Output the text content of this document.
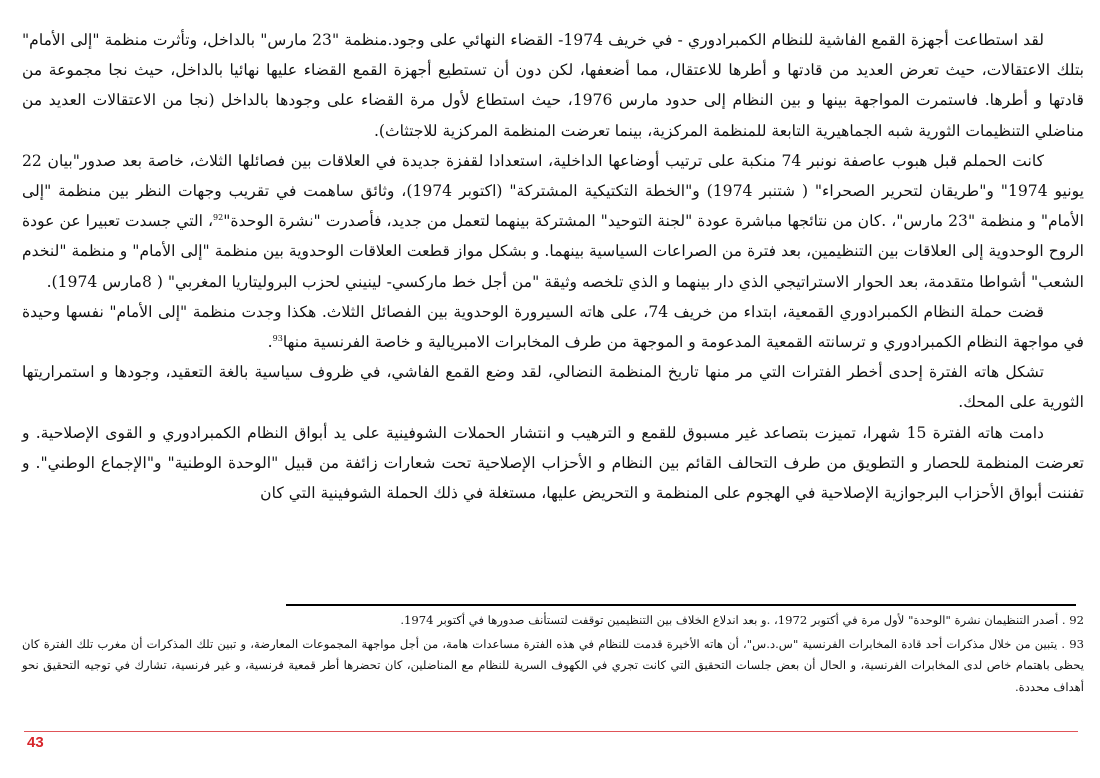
لقد استطاعت أجهزة القمع الفاشية للنظام الكمبرادوري - في خريف 1974- القضاء النهائي على وجود.منظمة "23 مارس" بالداخل، وتأثرت منظمة "إلى الأمام" بتلك الاعتقالات، حيث تعرض العديد من قادتها و أطرها للاعتقال، مما أضعفها، لكن دون أن تستطيع أجهزة القمع القضاء عليها نهائيا بالداخل، حيث نجا مجموعة من قادتها و أطرها. فاستمرت المواجهة بينها و بين النظام إلى حدود مارس 1976، حيث استطاع لأول مرة القضاء على وجودها بالداخل (نجا من الاعتقالات العديد من مناضلي التنظيمات الثورية شبه الجماهيرية التابعة للمنظمة المركزية، بينما تعرضت المنظمة المركزية للاجتثاث).

كانت الحملم قبل هبوب عاصفة نونبر 74 منكبة على ترتيب أوضاعها الداخلية، استعدادا لقفزة جديدة في العلاقات بين فصائلها الثلاث، خاصة بعد صدور"بيان 22 يونيو 1974" و"طريقان لتحرير الصحراء" ( شتنبر 1974) و"الخطة التكتيكية المشتركة" (اكتوبر 1974)، وثائق ساهمت في تقريب وجهات النظر بين منظمة "إلى الأمام" و منظمة "23 مارس"، .كان من نتائجها مباشرة عودة "لجنة التوحيد" المشتركة بينهما لتعمل من جديد، فأصدرت "نشرة الوحدة"$^{92}$، التي جسدت تعبيرا عن عودة الروح الوحدوية إلى العلاقات بين التنظيمين، بعد فترة من الصراعات السياسية بينهما. و بشكل مواز قطعت العلاقات الوحدوية بين منظمة "إلى الأمام" و منظمة "لنخدم الشعب" أشواطا متقدمة، بعد الحوار الاستراتيجي الذي دار بينهما و الذي تلخصه وثيقة "من أجل خط ماركسي- لينيني لحزب البروليتاريا المغربي" ( 8مارس 1974).

قضت حملة النظام الكمبرادوري القمعية، ابتداء من خريف 74، على هاته السيرورة الوحدوية بين الفصائل الثلاث. هكذا وجدت منظمة "إلى الأمام" نفسها وحيدة في مواجهة النظام الكمبرادوري و ترسانته القمعية المدعومة و الموجهة من طرف المخابرات الامبريالية و خاصة الفرنسية منها$^{93}$.

تشكل هاته الفترة إحدى أخطر الفترات التي مر منها تاريخ المنظمة النضالي، لقد وضع القمع الفاشي، في ظروف سياسية بالغة التعقيد، وجودها و استمراريتها الثورية على المحك.

دامت هاته الفترة 15 شهرا، تميزت بتصاعد غير مسبوق للقمع و الترهيب و انتشار الحملات الشوفينية على يد أبواق النظام الكمبرادوري و القوى الإصلاحية. و تعرضت المنظمة للحصار و التطويق من طرف التحالف القائم بين النظام و الأحزاب الإصلاحية تحت شعارات زائفة من قبيل "الوحدة الوطنية" و"الإجماع الوطني". و تفننت أبواق الأحزاب البرجوازية الإصلاحية في الهجوم على المنظمة و التحريض عليها، مستغلة في ذلك الحملة الشوفينية التي كان

92 . أصدر التنظيمان نشرة "الوحدة" لأول مرة في أكتوبر 1972، .و بعد اندلاع الخلاف بين التنظيمين توقفت لتستأنف صدورها في أكتوبر 1974.

93 . يتبين من خلال مذكرات أحد قادة المخابرات الفرنسية "س.د.س"، أن هاته الأخيرة قدمت للنظام في هذه الفترة مساعدات هامة، من أجل مواجهة المجموعات المعارضة، و تبين تلك المذكرات أن مغرب تلك الفترة كان يحظى باهتمام خاص لدى المخابرات الفرنسية، و الحال أن بعض جلسات التحقيق التي كانت تجري في الكهوف السرية للنظام مع المناضلين، كان تحضرها أطر قمعية فرنسية، و غير فرنسية، تشارك في توجيه التحقيق نحو أهداف محددة.

43
